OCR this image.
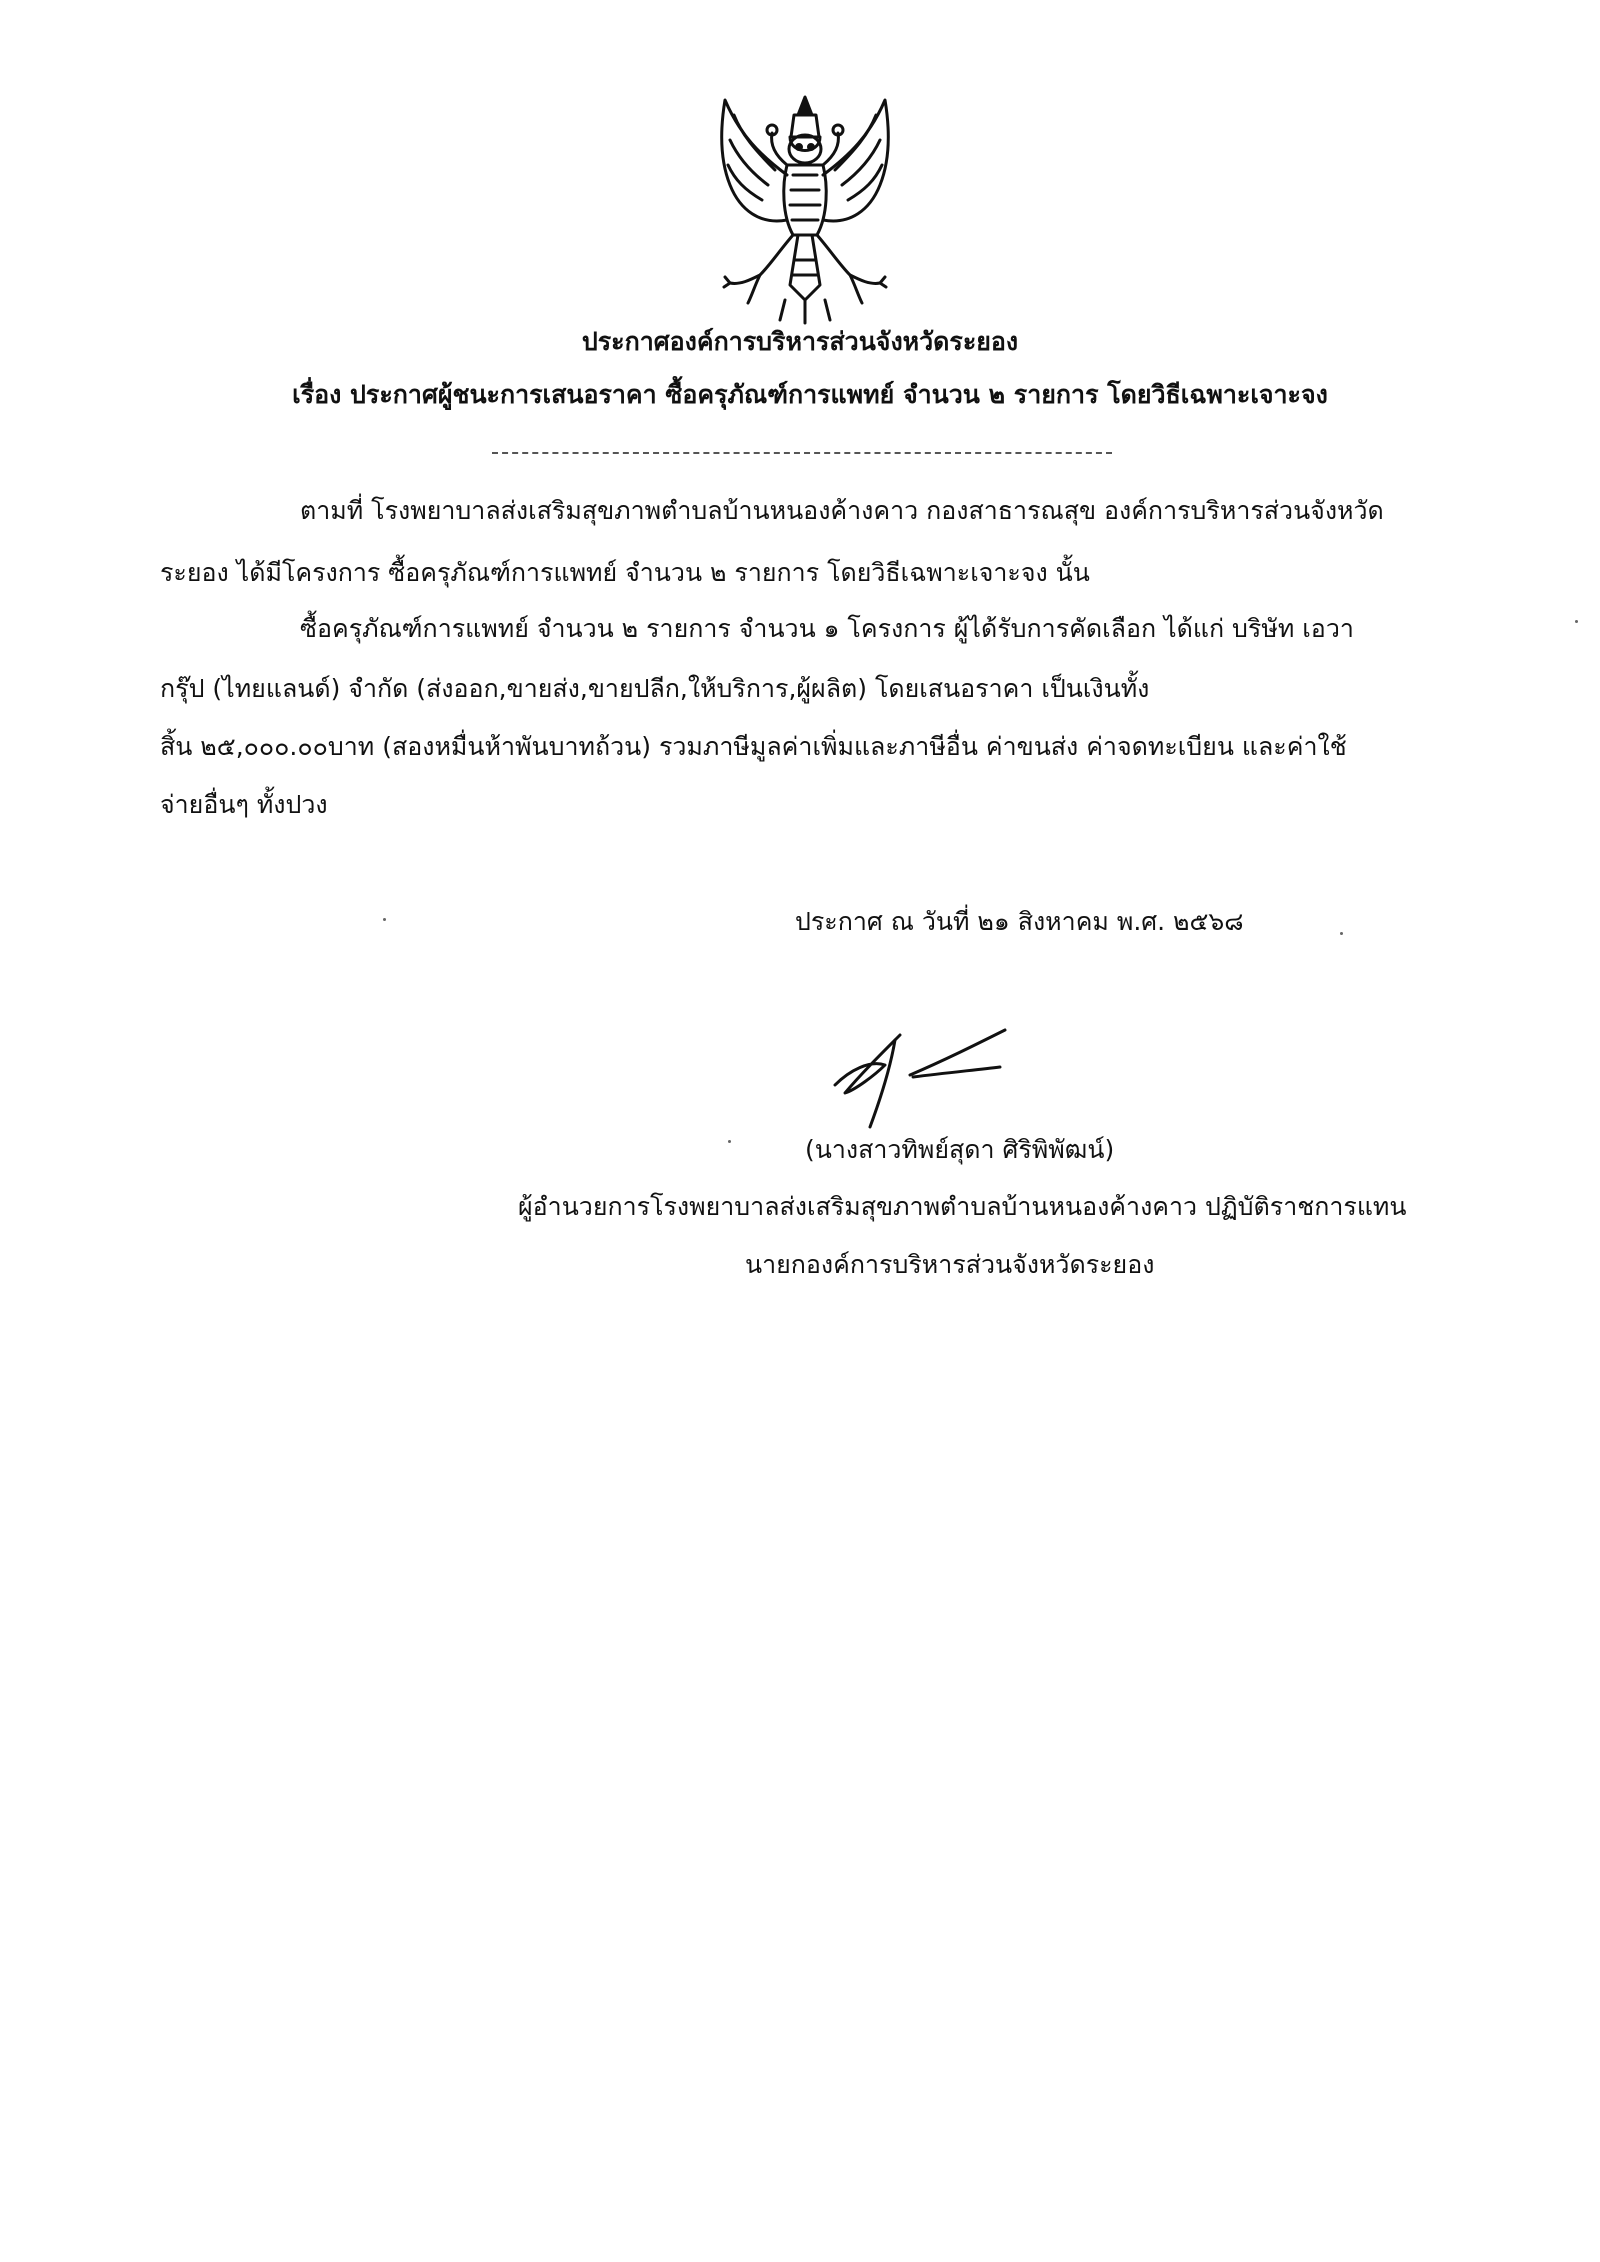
ประกาศองค์การบริหารส่วนจังหวัดระยอง
เรื่อง ประกาศผู้ชนะการเสนอราคา ซื้อครุภัณฑ์การแพทย์ จำนวน ๒ รายการ โดยวิธีเฉพาะเจาะจง
ตามที่ โรงพยาบาลส่งเสริมสุขภาพตำบลบ้านหนองค้างคาว กองสาธารณสุข องค์การบริหารส่วนจังหวัด
ระยอง ได้มีโครงการ ซื้อครุภัณฑ์การแพทย์ จำนวน ๒ รายการ โดยวิธีเฉพาะเจาะจง นั้น
ซื้อครุภัณฑ์การแพทย์ จำนวน ๒ รายการ จำนวน ๑ โครงการ ผู้ได้รับการคัดเลือก ได้แก่ บริษัท เอวา
กรุ๊ป (ไทยแลนด์) จำกัด (ส่งออก,ขายส่ง,ขายปลีก,ให้บริการ,ผู้ผลิต) โดยเสนอราคา เป็นเงินทั้ง
สิ้น ๒๕,๐๐๐.๐๐บาท (สองหมื่นห้าพันบาทถ้วน) รวมภาษีมูลค่าเพิ่มและภาษีอื่น ค่าขนส่ง ค่าจดทะเบียน และค่าใช้
จ่ายอื่นๆ ทั้งปวง
ประกาศ ณ วันที่ ๒๑ สิงหาคม พ.ศ. ๒๕๖๘
(นางสาวทิพย์สุดา ศิริพิพัฒน์)
ผู้อำนวยการโรงพยาบาลส่งเสริมสุขภาพตำบลบ้านหนองค้างคาว ปฏิบัติราชการแทน
นายกองค์การบริหารส่วนจังหวัดระยอง
